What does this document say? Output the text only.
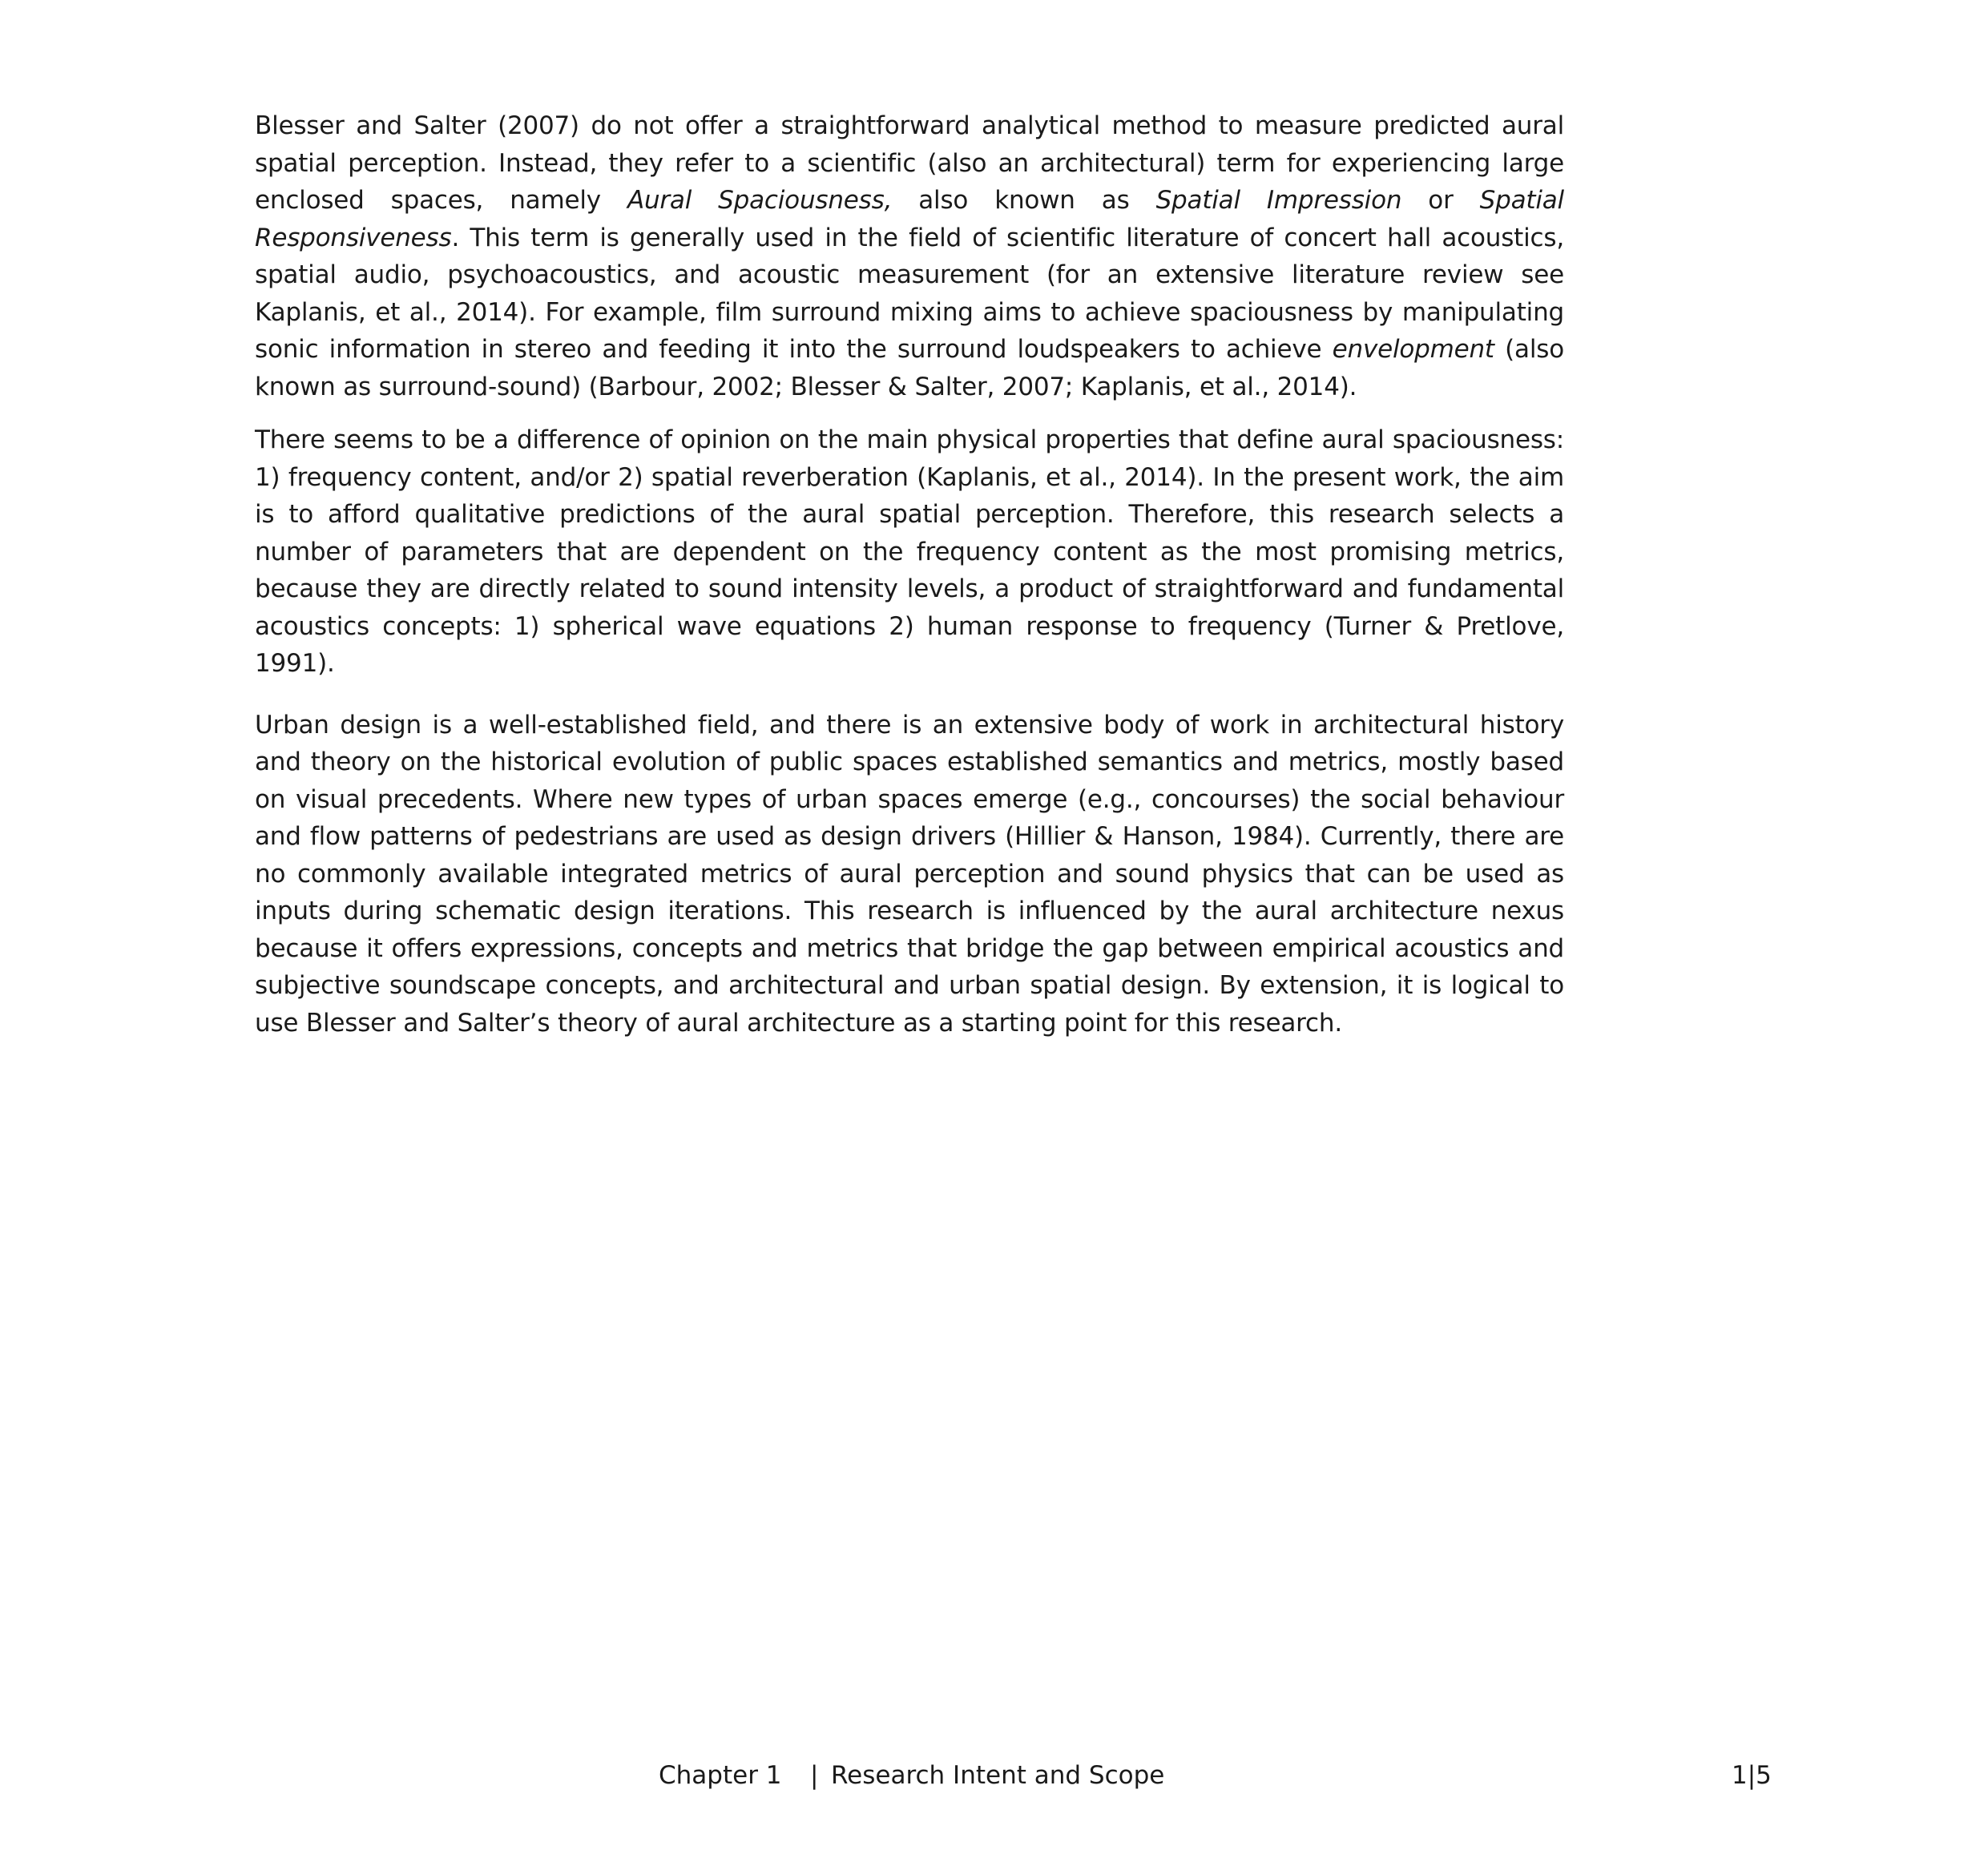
Blesser and Salter (2007) do not offer a straightforward analytical method to measure predicted aural spatial perception. Instead, they refer to a scientific (also an architectural) term for experiencing large enclosed spaces, namely Aural Spaciousness, also known as Spatial Impression or Spatial Responsiveness. This term is generally used in the field of scientific literature of concert hall acoustics, spatial audio, psychoacoustics, and acoustic measurement (for an extensive literature review see Kaplanis, et al., 2014). For example, film surround mixing aims to achieve spaciousness by manipulating sonic information in stereo and feeding it into the surround loudspeakers to achieve envelopment (also known as surround-sound) (Barbour, 2002; Blesser & Salter, 2007; Kaplanis, et al., 2014).

There seems to be a difference of opinion on the main physical properties that define aural spaciousness: 1) frequency content, and/or 2) spatial reverberation (Kaplanis, et al., 2014). In the present work, the aim is to afford qualitative predictions of the aural spatial perception. Therefore, this research selects a number of parameters that are dependent on the frequency content as the most promising metrics, because they are directly related to sound intensity levels, a product of straightforward and fundamental acoustics concepts: 1) spherical wave equations 2) human response to frequency (Turner & Pretlove, 1991).

Urban design is a well-established field, and there is an extensive body of work in architectural history and theory on the historical evolution of public spaces established semantics and metrics, mostly based on visual precedents. Where new types of urban spaces emerge (e.g., concourses) the social behaviour and flow patterns of pedestrians are used as design drivers (Hillier & Hanson, 1984). Currently, there are no commonly available integrated metrics of aural perception and sound physics that can be used as inputs during schematic design iterations. This research is influenced by the aural architecture nexus because it offers expressions, concepts and metrics that bridge the gap between empirical acoustics and subjective soundscape concepts, and architectural and urban spatial design. By extension, it is logical to use Blesser and Salter’s theory of aural architecture as a starting point for this research.

Chapter 1 | Research Intent and Scope	1|5
